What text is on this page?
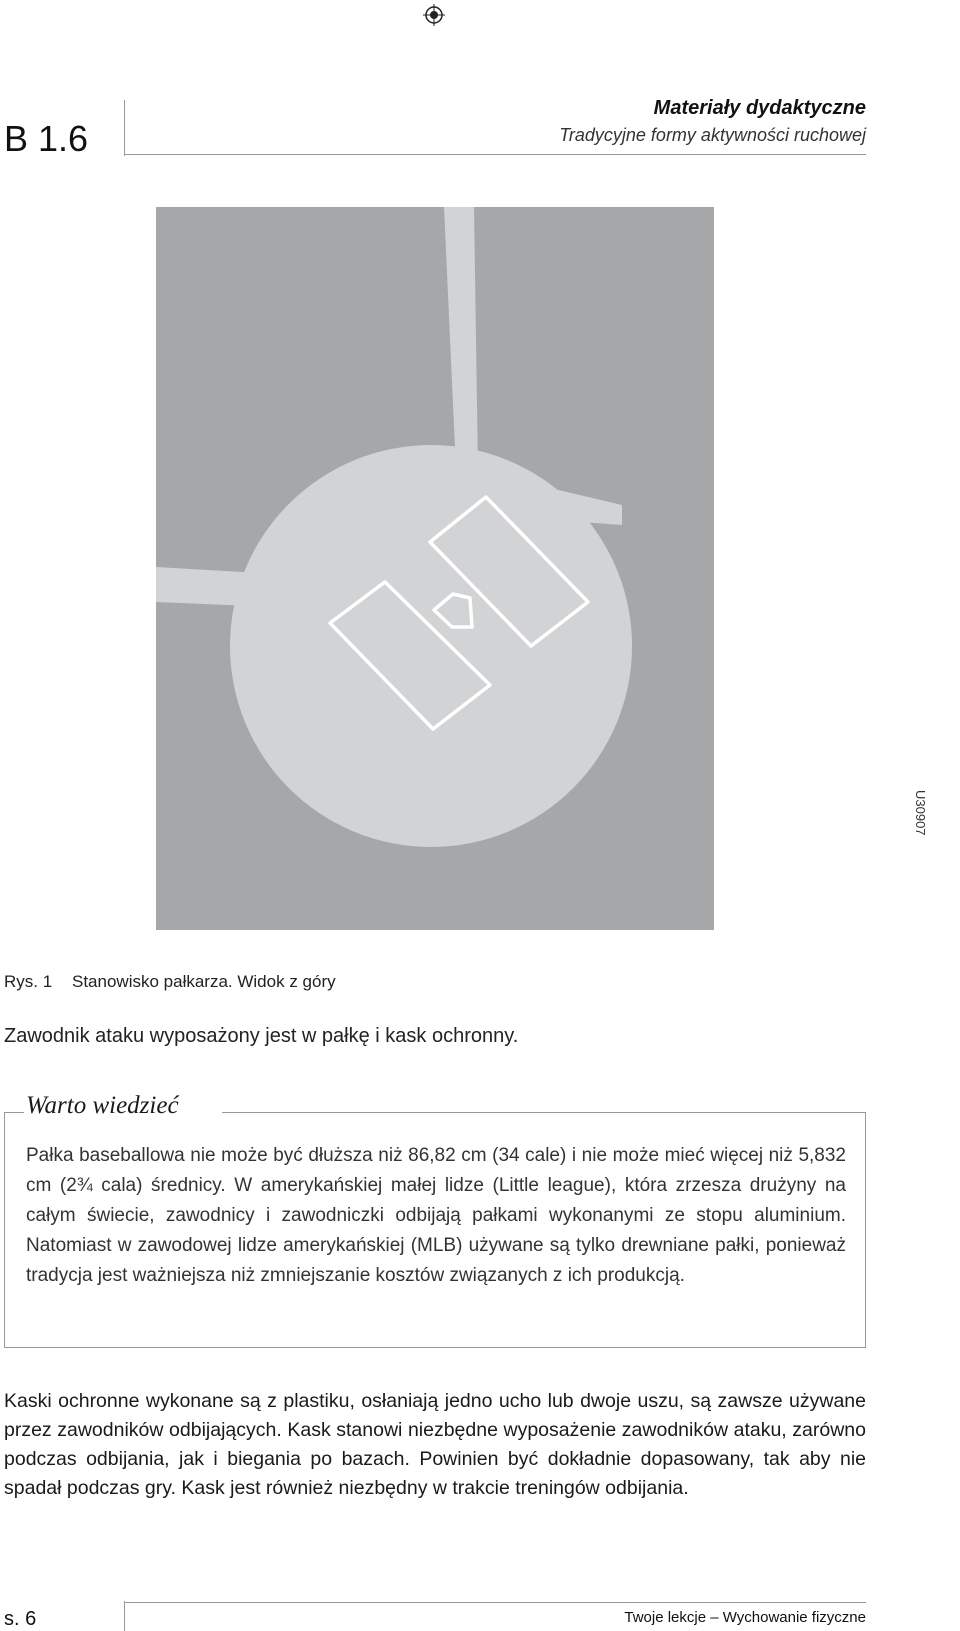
U30907
B 1.6
Materiały dydaktyczne
Tradycyjne formy aktywności ruchowej
Rys. 1 Stanowisko pałkarza. Widok z góry
Zawodnik ataku wyposażony jest w pałkę i kask ochronny.
Warto wiedzieć

Pałka baseballowa nie może być dłuższa niż 86,82 cm (34 cale) i nie może mieć więcej niż 5,832 cm (2¾ cala) średnicy. W amerykańskiej małej lidze (Little league), która zrzesza drużyny na całym świecie, zawodnicy i zawodniczki odbijają pałkami wykonanymi ze stopu aluminium. Natomiast w zawodowej lidze amerykańskiej (MLB) używane są tylko drewniane pałki, ponieważ tradycja jest ważniejsza niż zmniejszanie kosztów związanych z ich produkcją.

Kaski ochronne wykonane są z plastiku, osłaniają jedno ucho lub dwoje uszu, są zawsze używane przez zawodników odbijających. Kask stanowi niezbędne wyposażenie zawodników ataku, zarówno podczas odbijania, jak i biegania po bazach. Powinien być dokładnie dopasowany, tak aby nie spadał podczas gry. Kask jest również niezbędny w trakcie treningów odbijania.

s. 6	Twoje lekcje – Wychowanie fizyczne
